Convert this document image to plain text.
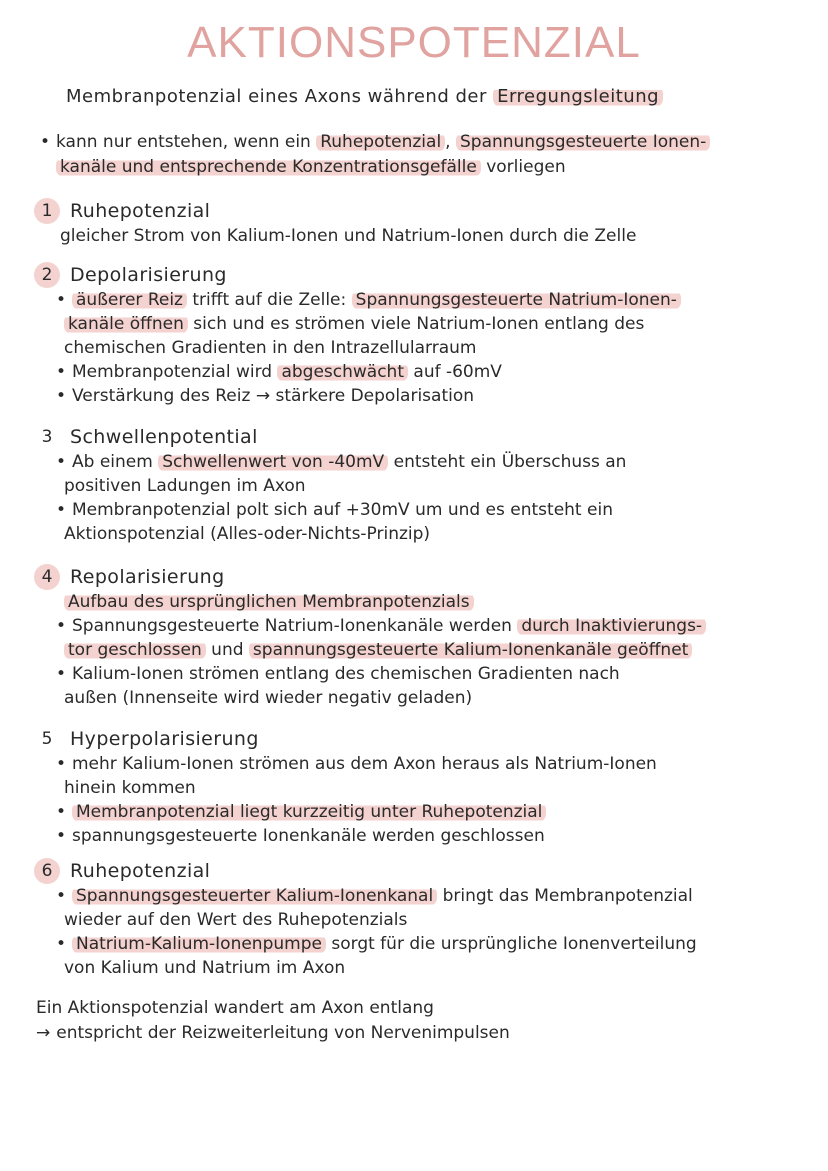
AKTIONSPOTENZIAL
Membranpotenzial eines Axons während der Erregungsleitung
• kann nur entstehen, wenn ein Ruhepotenzial , Spannungsgesteuerte Ionen-
kanäle und entsprechende Konzentrationsgefälle vorliegen
1 Ruhepotenzial
gleicher Strom von Kalium-Ionen und Natrium-Ionen durch die Zelle
2 Depolarisierung
• äußerer Reiz trifft auf die Zelle: Spannungsgesteuerte Natrium-Ionen-
kanäle öffnen sich und es strömen viele Natrium-Ionen entlang des
chemischen Gradienten in den Intrazellularraum
• Membranpotenzial wird abgeschwächt auf -60mV
• Verstärkung des Reiz → stärkere Depolarisation
3 Schwellenpotential
• Ab einem Schwellenwert von -40mV entsteht ein Überschuss an
positiven Ladungen im Axon
• Membranpotenzial polt sich auf +30mV um und es entsteht ein
Aktionspotenzial (Alles-oder-Nichts-Prinzip)
4 Repolarisierung
Aufbau des ursprünglichen Membranpotenzials
• Spannungsgesteuerte Natrium-Ionenkanäle werden durch Inaktivierungs-
tor geschlossen und spannungsgesteuerte Kalium-Ionenkanäle geöffnet
• Kalium-Ionen strömen entlang des chemischen Gradienten nach
außen (Innenseite wird wieder negativ geladen)
5 Hyperpolarisierung
• mehr Kalium-Ionen strömen aus dem Axon heraus als Natrium-Ionen
hinein kommen
• Membranpotenzial liegt kurzzeitig unter Ruhepotenzial
• spannungsgesteuerte Ionenkanäle werden geschlossen
6 Ruhepotenzial
• Spannungsgesteuerter Kalium-Ionenkanal bringt das Membranpotenzial
wieder auf den Wert des Ruhepotenzials
• Natrium-Kalium-Ionenpumpe sorgt für die ursprüngliche Ionenverteilung
von Kalium und Natrium im Axon
Ein Aktionspotenzial wandert am Axon entlang
→ entspricht der Reizweiterleitung von Nervenimpulsen
